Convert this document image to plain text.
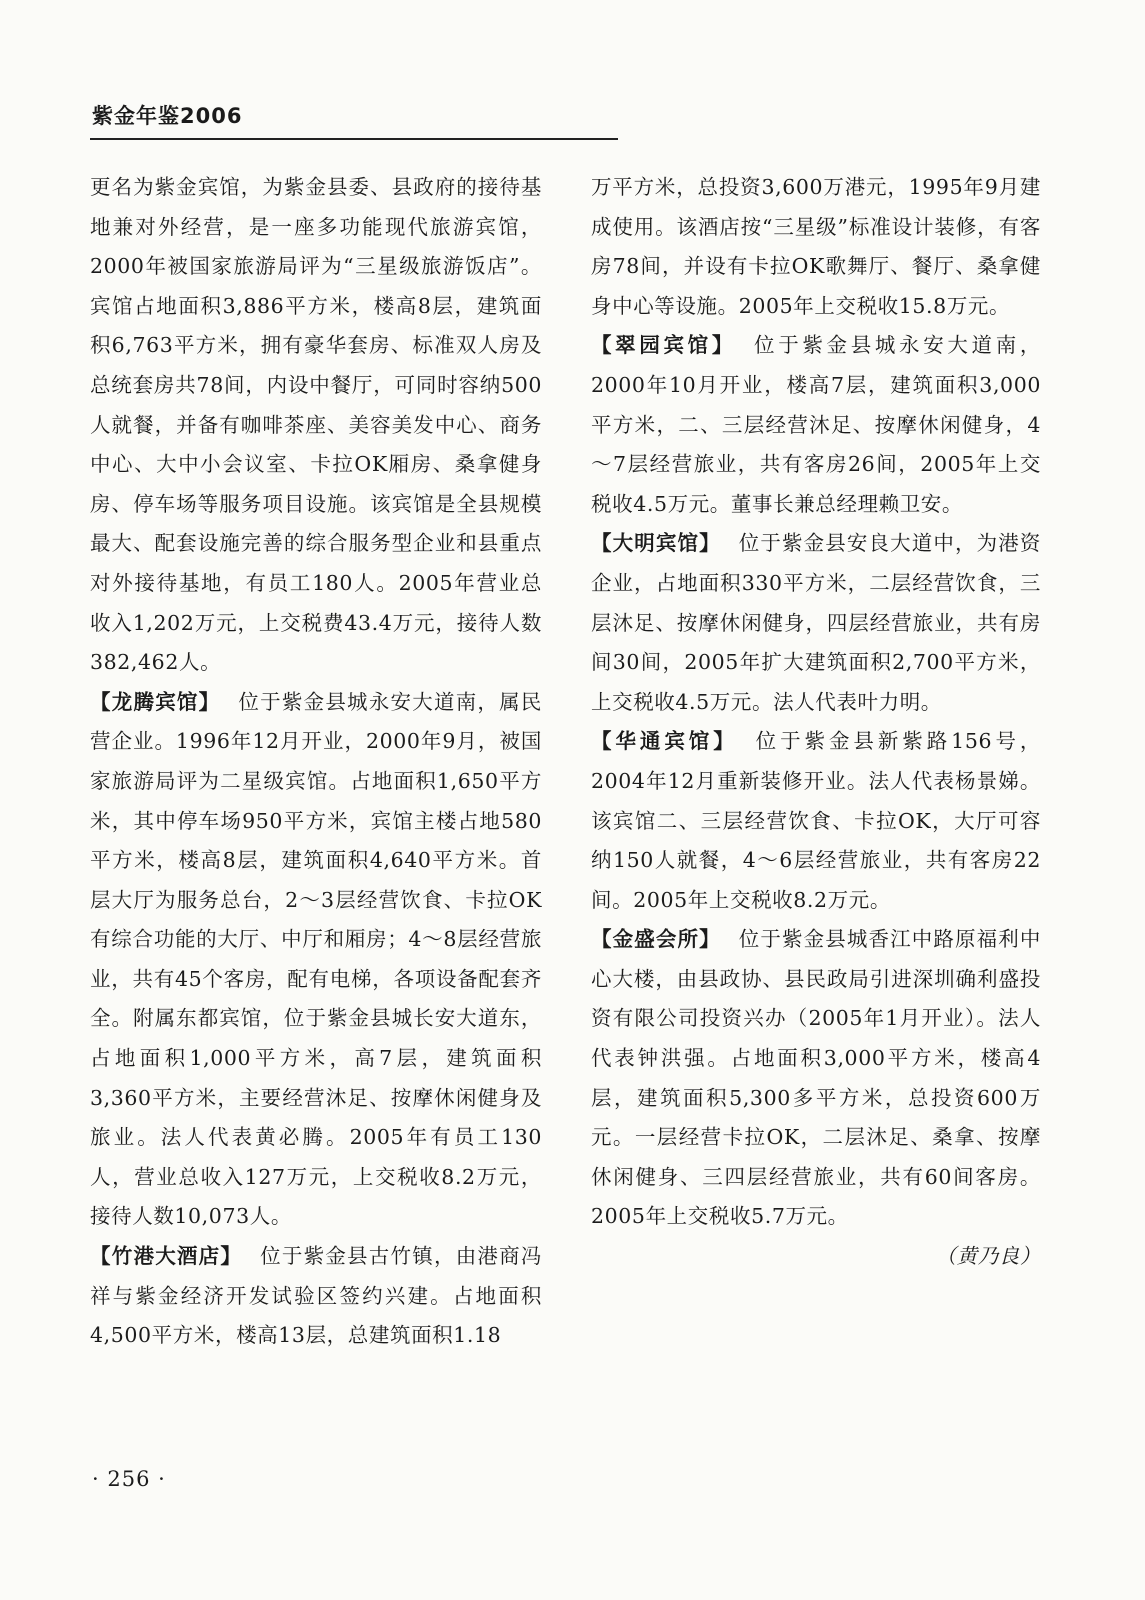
紫金年鉴2006

更名为紫金宾馆，为紫金县委、县政府的接待基地兼对外经营，是一座多功能现代旅游宾馆，2000年被国家旅游局评为“三星级旅游饭店”。宾馆占地面积3,886平方米，楼高8层，建筑面积6,763平方米，拥有豪华套房、标准双人房及总统套房共78间，内设中餐厅，可同时容纳500人就餐，并备有咖啡茶座、美容美发中心、商务中心、大中小会议室、卡拉OK厢房、桑拿健身房、停车场等服务项目设施。该宾馆是全县规模最大、配套设施完善的综合服务型企业和县重点对外接待基地，有员工180人。2005年营业总收入1,202万元，上交税费43.4万元，接待人数382,462人。

【龙腾宾馆】 位于紫金县城永安大道南，属民营企业。1996年12月开业，2000年9月，被国家旅游局评为二星级宾馆。占地面积1,650平方米，其中停车场950平方米，宾馆主楼占地580平方米，楼高8层，建筑面积4,640平方米。首层大厅为服务总台，2～3层经营饮食、卡拉OK有综合功能的大厅、中厅和厢房；4～8层经营旅业，共有45个客房，配有电梯，各项设备配套齐全。附属东都宾馆，位于紫金县城长安大道东，占地面积1,000平方米，高7层，建筑面积3,360平方米，主要经营沐足、按摩休闲健身及旅业。法人代表黄必腾。2005年有员工130人，营业总收入127万元，上交税收8.2万元，接待人数10,073人。

【竹港大酒店】 位于紫金县古竹镇，由港商冯祥与紫金经济开发试验区签约兴建。占地面积4,500平方米，楼高13层，总建筑面积1.18

万平方米，总投资3,600万港元，1995年9月建成使用。该酒店按“三星级”标准设计装修，有客房78间，并设有卡拉OK歌舞厅、餐厅、桑拿健身中心等设施。2005年上交税收15.8万元。

【翠园宾馆】 位于紫金县城永安大道南，2000年10月开业，楼高7层，建筑面积3,000平方米，二、三层经营沐足、按摩休闲健身，4～7层经营旅业，共有客房26间，2005年上交税收4.5万元。董事长兼总经理赖卫安。

【大明宾馆】 位于紫金县安良大道中，为港资企业，占地面积330平方米，二层经营饮食，三层沐足、按摩休闲健身，四层经营旅业，共有房间30间，2005年扩大建筑面积2,700平方米，上交税收4.5万元。法人代表叶力明。

【华通宾馆】 位于紫金县新紫路156号，2004年12月重新装修开业。法人代表杨景娣。该宾馆二、三层经营饮食、卡拉OK，大厅可容纳150人就餐，4～6层经营旅业，共有客房22间。2005年上交税收8.2万元。

【金盛会所】 位于紫金县城香江中路原福利中心大楼，由县政协、县民政局引进深圳确利盛投资有限公司投资兴办（2005年1月开业）。法人代表钟洪强。占地面积3,000平方米，楼高4层，建筑面积5,300多平方米，总投资600万元。一层经营卡拉OK，二层沐足、桑拿、按摩休闲健身、三四层经营旅业，共有60间客房。2005年上交税收5.7万元。

（黄乃良）

· 256 ·
